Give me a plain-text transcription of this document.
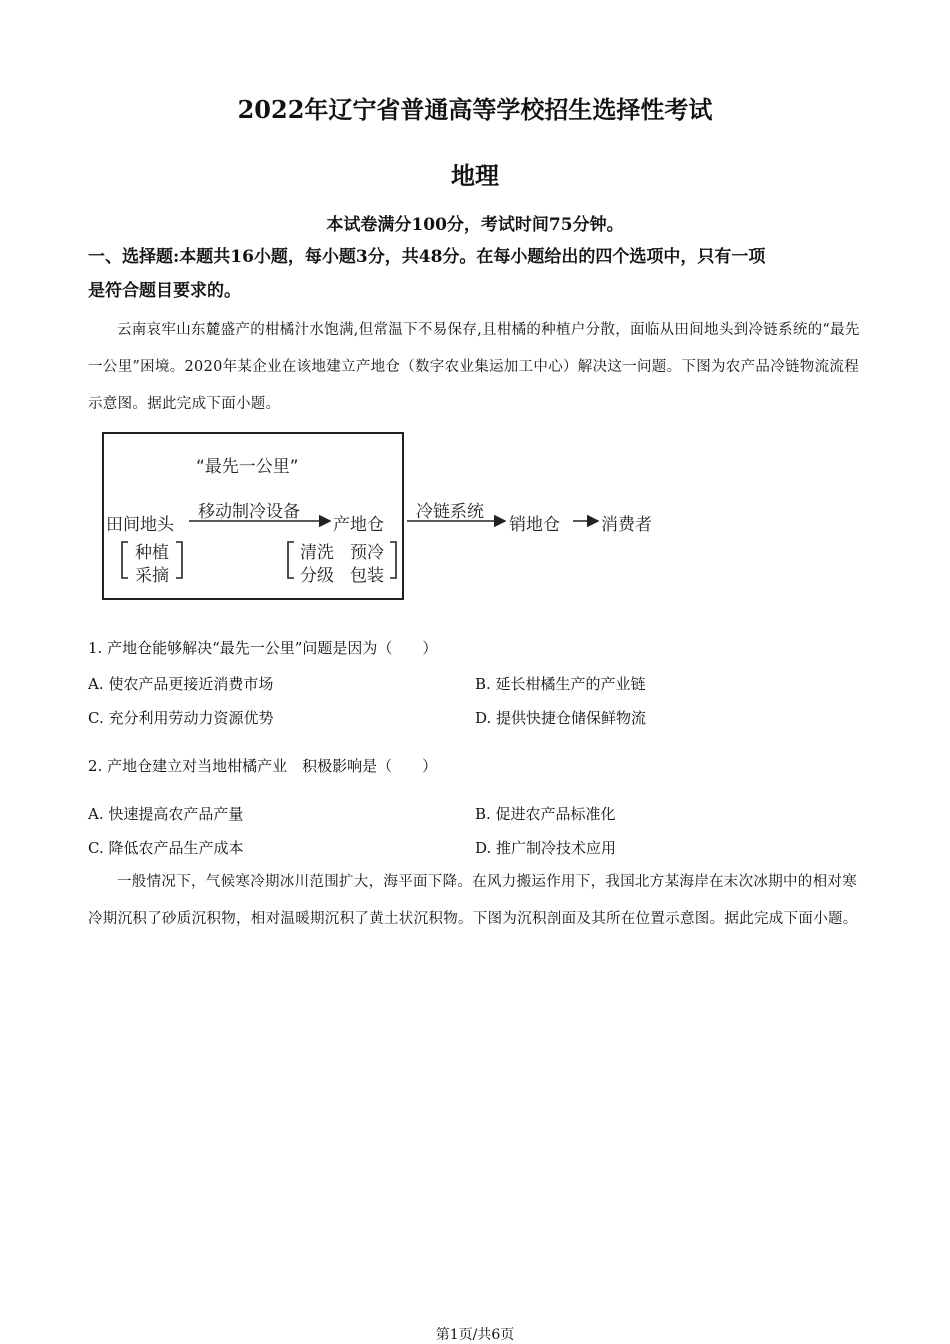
2022年辽宁省普通高等学校招生选择性考试
地理
本试卷满分100分，考试时间75分钟。
一、选择题:本题共16小题，每小题3分，共48分。在每小题给出的四个选项中，只有一项
是符合题目要求的。
云南哀牢山东麓盛产的柑橘汁水饱满,但常温下不易保存,且柑橘的种植户分散，面临从田间地头到冷链系统的“最先一公里”困境。2020年某企业在该地建立产地仓（数字农业集运加工中心）解决这一问题。下图为农产品冷链物流流程示意图。据此完成下面小题。
“最先一公里”
移动制冷设备
田间地头	产地仓
冷链系统
销地仓 消费者
种植
采摘
清洗 预冷
分级 包装
1. 产地仓能够解决“最先一公里”问题是因为（　　）
A. 使农产品更接近消费市场	B. 延长柑橘生产的产业链
C. 充分利用劳动力资源优势	D. 提供快捷仓储保鲜物流
2. 产地仓建立对当地柑橘产业　积极影响是（　　）
A. 快速提高农产品产量	B. 促进农产品标准化
C. 降低农产品生产成本	D. 推广制冷技术应用
一般情况下，气候寒冷期冰川范围扩大，海平面下降。在风力搬运作用下，我国北方某海岸在末次冰期中的相对寒冷期沉积了砂质沉积物，相对温暖期沉积了黄土状沉积物。下图为沉积剖面及其所在位置示意图。据此完成下面小题。
第1页/共6页
